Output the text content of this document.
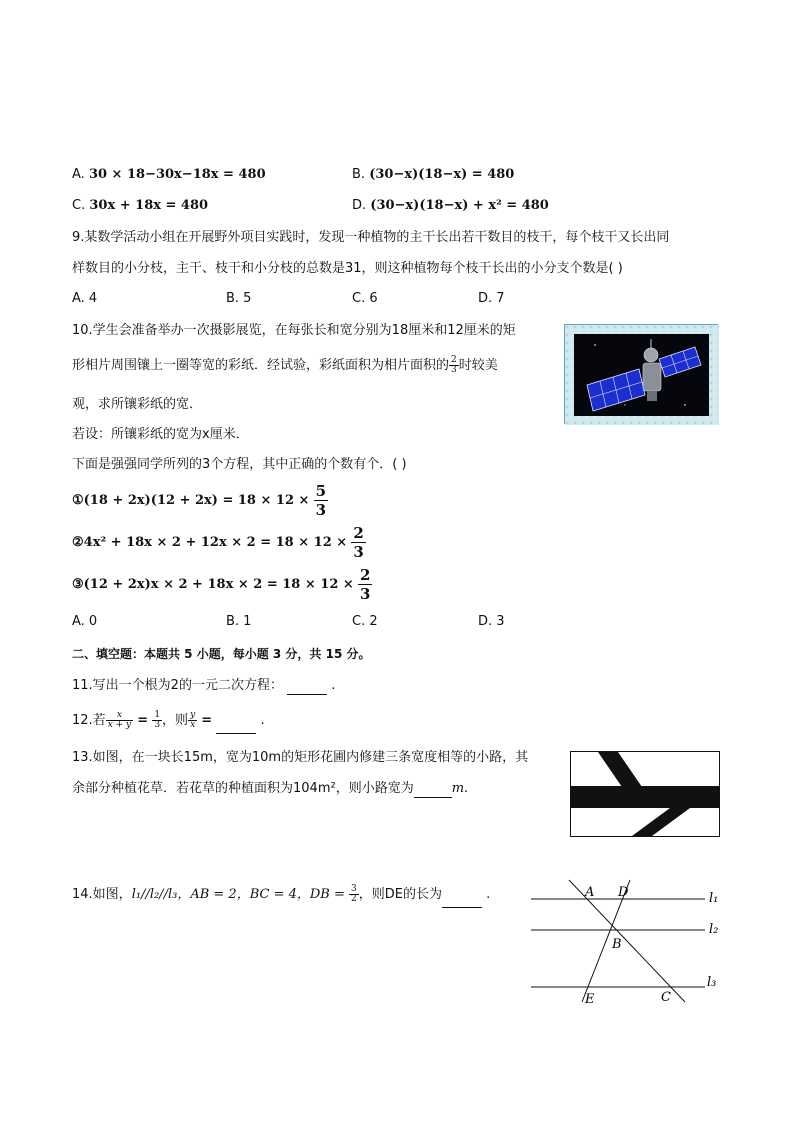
A. 30 × 18−30x−18x = 480	B. (30−x)(18−x) = 480
C. 30x + 18x = 480	D. (30−x)(18−x) + x² = 480
9.某数学活动小组在开展野外项目实践时，发现一种植物的主干长出若干数目的枝干，每个枝干又长出同
样数目的小分枝，主干、枝干和小分枝的总数是31，则这种植物每个枝干长出的小分支个数是( )
A. 4	B. 5	C. 6	D. 7
10.学生会准备举办一次摄影展览，在每张长和宽分别为18厘米和12厘米的矩
形相片周围镶上一圈等宽的彩纸．经试验，彩纸面积为相片面积的 $\frac{2}{3}$ 时较美
观，求所镶彩纸的宽．
若设：所镶彩纸的宽为x厘米．
下面是强强同学所列的3个方程，其中正确的个数有个．( )
①(18 + $2x)(12 + 2x) = 18 \times 12 \times \frac{5}{3}$
②4x² + $18x \times 2 + 12x \times 2 = 18 \times 12 \times \frac{2}{3}$
③(12 + $2x)x \times 2 + 18x \times 2 = 18 \times 12 \times \frac{2}{3}$
A. 0	B. 1	C. 2	D. 3
二、填空题：本题共 5 小题，每小题 3 分，共 15 分。
11.写出一个根为2的一元二次方程：	.
12.若 $\frac{x}{x + y} = \frac{1}{3}$ ，则 $\frac{y}{x}$ =	.
13.如图，在一块长15m，宽为10m的矩形花圃内修建三条宽度相等的小路，其
余部分种植花草．若花草的种植面积为104m²，则小路宽为	m.
14.如图，l₁//l₂//l₃，AB = 2，BC = 4，DB = $\frac{3}{2}$ ，则DE的长为	.	A D
B
E	C
l₁
l₂
l₃
